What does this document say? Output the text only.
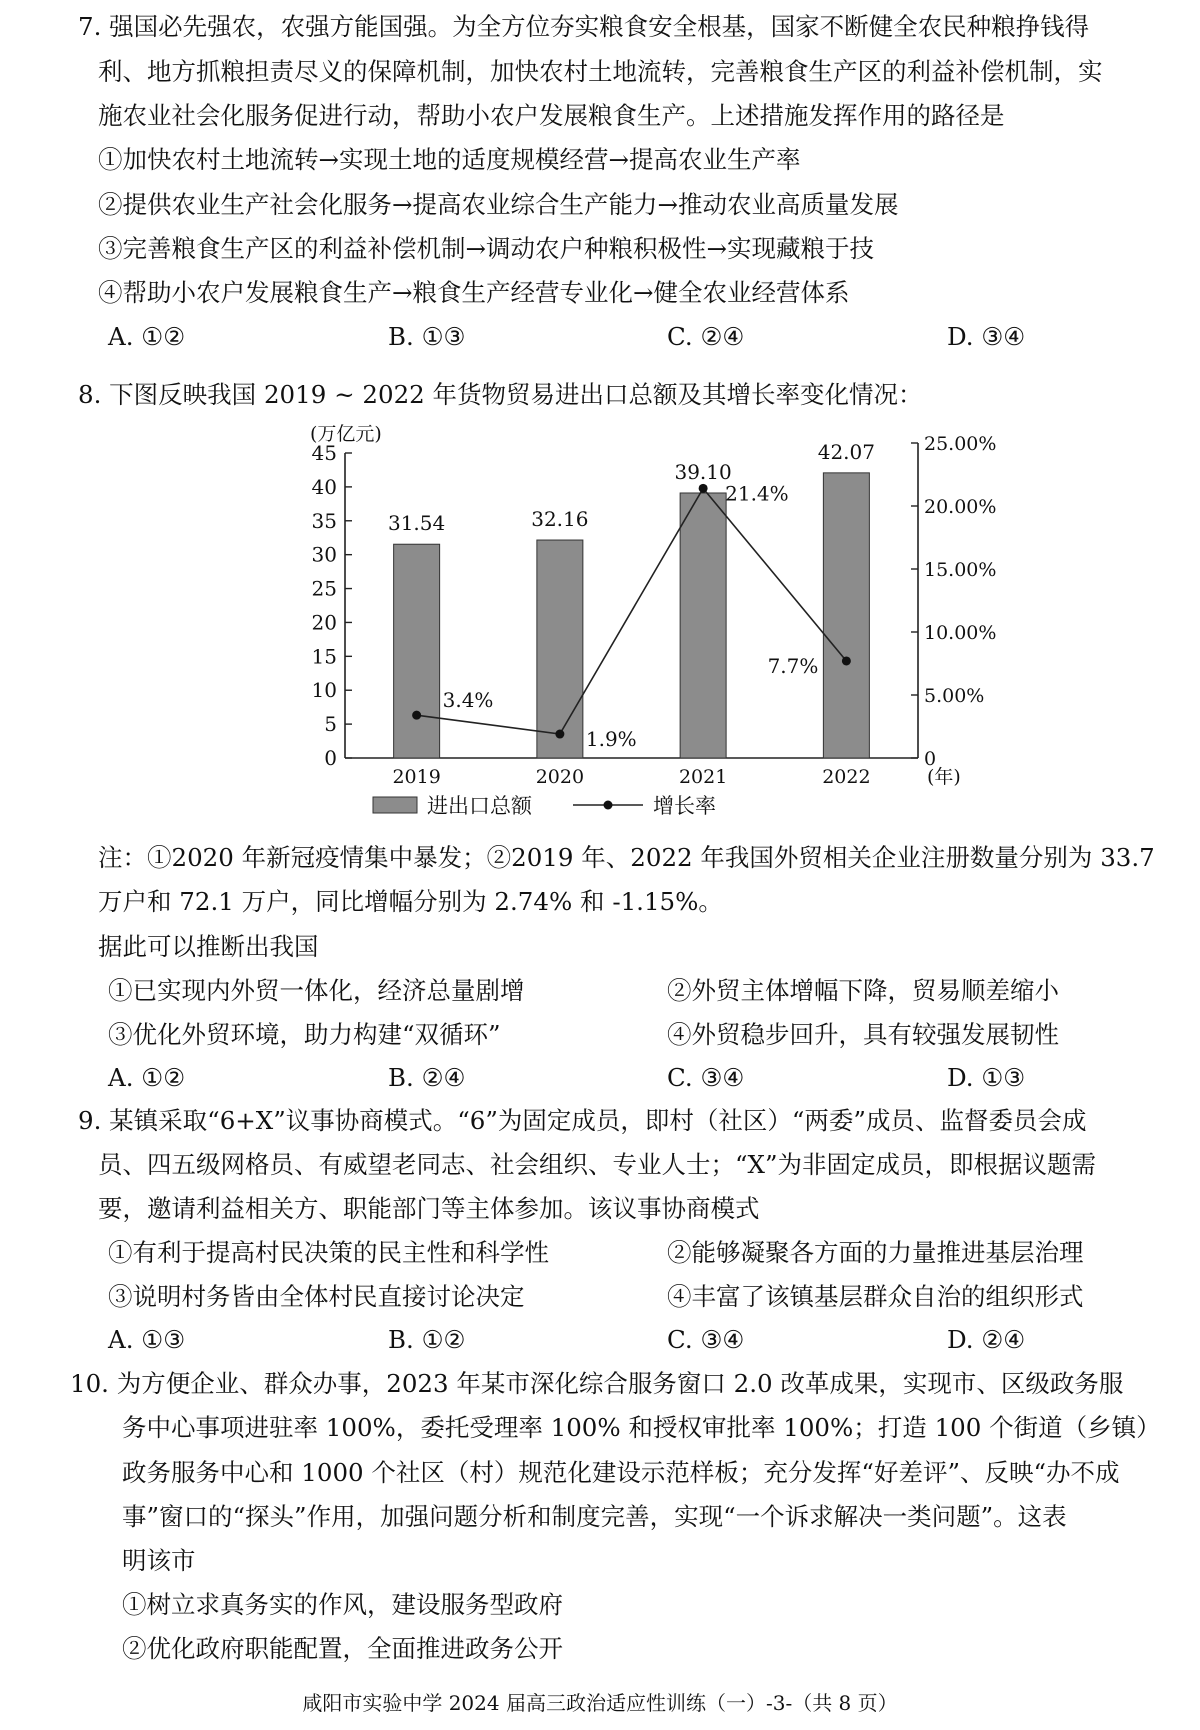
7. 强国必先强农，农强方能国强。为全方位夯实粮食安全根基，国家不断健全农民种粮挣钱得
利、地方抓粮担责尽义的保障机制，加快农村土地流转，完善粮食生产区的利益补偿机制，实
施农业社会化服务促进行动，帮助小农户发展粮食生产。上述措施发挥作用的路径是
①加快农村土地流转→实现土地的适度规模经营→提高农业生产率
②提供农业生产社会化服务→提高农业综合生产能力→推动农业高质量发展
③完善粮食生产区的利益补偿机制→调动农户种粮积极性→实现藏粮于技
④帮助小农户发展粮食生产→粮食生产经营专业化→健全农业经营体系
A. ①②	B. ①③	C. ②④	D. ③④
8. 下图反映我国 2019 ~ 2022 年货物贸易进出口总额及其增长率变化情况：
(万亿元)
0
5
10
15
20
25
30
35
40
45
0
5.00%
10.00%
15.00%
20.00%
25.00%
31.54	32.16
39.10
42.07
3.4%
1.9%
21.4%
7.7%
2019	2020	2021	2022	(年)
进出口总额	增长率
注：①2020 年新冠疫情集中暴发；②2019 年、2022 年我国外贸相关企业注册数量分别为 33.7
万户和 72.1 万户，同比增幅分别为 2.74% 和 -1.15%。
据此可以推断出我国
①已实现内外贸一体化，经济总量剧增	②外贸主体增幅下降，贸易顺差缩小
③优化外贸环境，助力构建“双循环”	④外贸稳步回升，具有较强发展韧性
A. ①②	B. ②④	C. ③④	D. ①③
9. 某镇采取“6+X”议事协商模式。“6”为固定成员，即村（社区）“两委”成员、监督委员会成
员、四五级网格员、有威望老同志、社会组织、专业人士；“X”为非固定成员，即根据议题需
要，邀请利益相关方、职能部门等主体参加。该议事协商模式
①有利于提高村民决策的民主性和科学性	②能够凝聚各方面的力量推进基层治理
③说明村务皆由全体村民直接讨论决定	④丰富了该镇基层群众自治的组织形式
A. ①③	B. ①②	C. ③④	D. ②④
10. 为方便企业、群众办事，2023 年某市深化综合服务窗口 2.0 改革成果，实现市、区级政务服
务中心事项进驻率 100%，委托受理率 100% 和授权审批率 100%；打造 100 个街道（乡镇）
政务服务中心和 1000 个社区（村）规范化建设示范样板；充分发挥“好差评”、反映“办不成
事”窗口的“探头”作用，加强问题分析和制度完善，实现“一个诉求解决一类问题”。这表
明该市
①树立求真务实的作风，建设服务型政府
②优化政府职能配置，全面推进政务公开
咸阳市实验中学 2024 届高三政治适应性训练（一）-3-（共 8 页）
